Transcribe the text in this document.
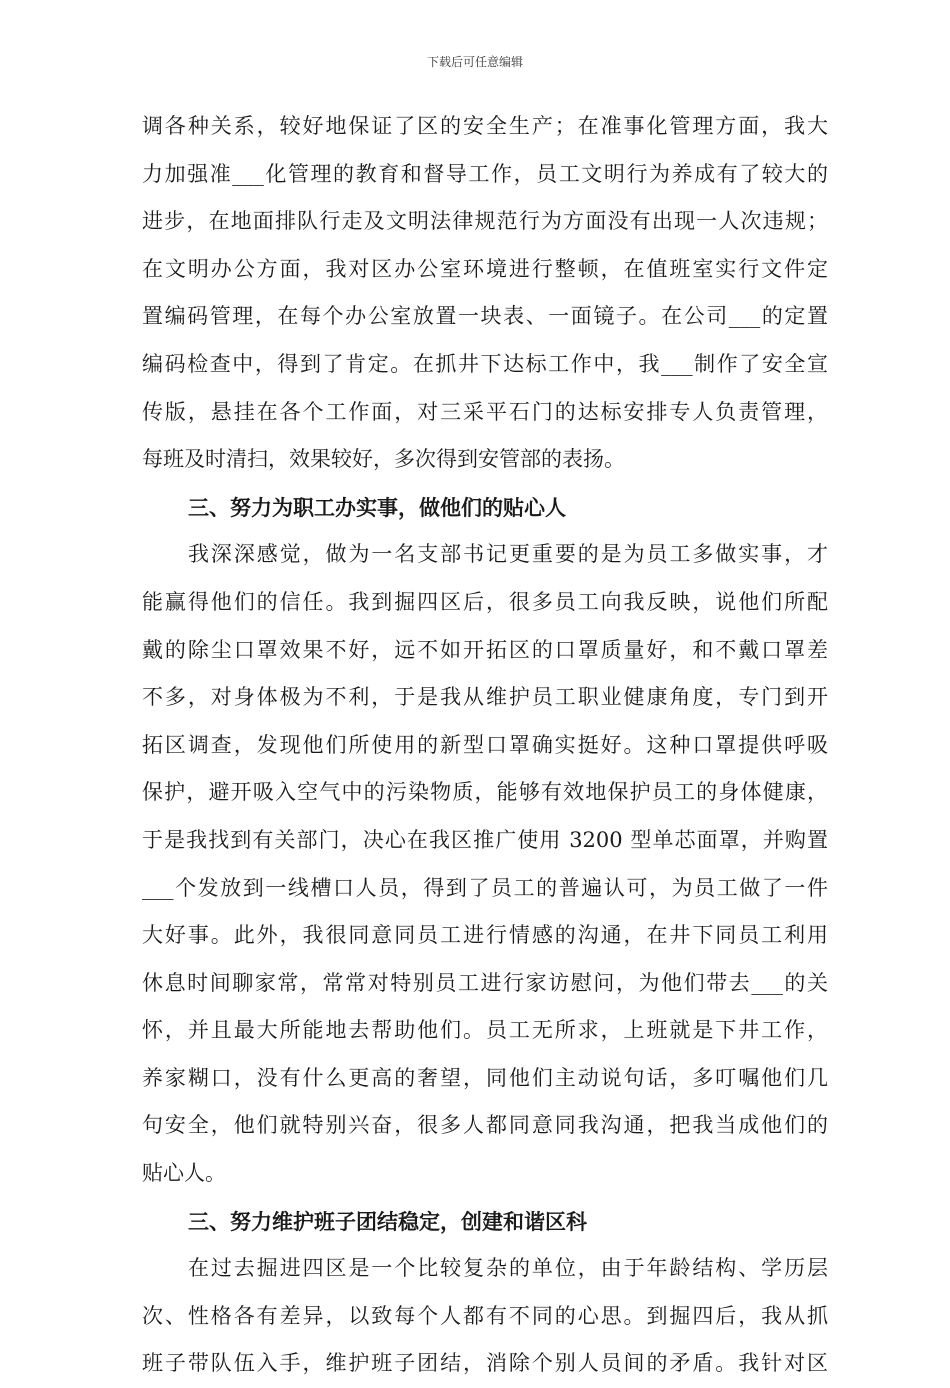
下载后可任意编辑
调各种关系，较好地保证了区的安全生产；在准事化管理方面，我大
力加强准___化管理的教育和督导工作，员工文明行为养成有了较大的
进步，在地面排队行走及文明法律规范行为方面没有出现一人次违规；
在文明办公方面，我对区办公室环境进行整顿，在值班室实行文件定
置编码管理，在每个办公室放置一块表、一面镜子。在公司___的定置
编码检查中，得到了肯定。在抓井下达标工作中，我___制作了安全宣
传版，悬挂在各个工作面，对三采平石门的达标安排专人负责管理，
每班及时清扫，效果较好，多次得到安管部的表扬。
三、努力为职工办实事，做他们的贴心人
我深深感觉，做为一名支部书记更重要的是为员工多做实事，才
能赢得他们的信任。我到掘四区后，很多员工向我反映，说他们所配
戴的除尘口罩效果不好，远不如开拓区的口罩质量好，和不戴口罩差
不多，对身体极为不利，于是我从维护员工职业健康角度，专门到开
拓区调查，发现他们所使用的新型口罩确实挺好。这种口罩提供呼吸
保护，避开吸入空气中的污染物质，能够有效地保护员工的身体健康，
于是我找到有关部门，决心在我区推广使用 3200 型单芯面罩，并购置
___个发放到一线槽口人员，得到了员工的普遍认可，为员工做了一件
大好事。此外，我很同意同员工进行情感的沟通，在井下同员工利用
休息时间聊家常，常常对特别员工进行家访慰问，为他们带去___的关
怀，并且最大所能地去帮助他们。员工无所求，上班就是下井工作，
养家糊口，没有什么更高的奢望，同他们主动说句话，多叮嘱他们几
句安全，他们就特别兴奋，很多人都同意同我沟通，把我当成他们的
贴心人。
三、努力维护班子团结稳定，创建和谐区科
在过去掘进四区是一个比较复杂的单位，由于年龄结构、学历层
次、性格各有差异，以致每个人都有不同的心思。到掘四后，我从抓
班子带队伍入手，维护班子团结，消除个别人员间的矛盾。我针对区
